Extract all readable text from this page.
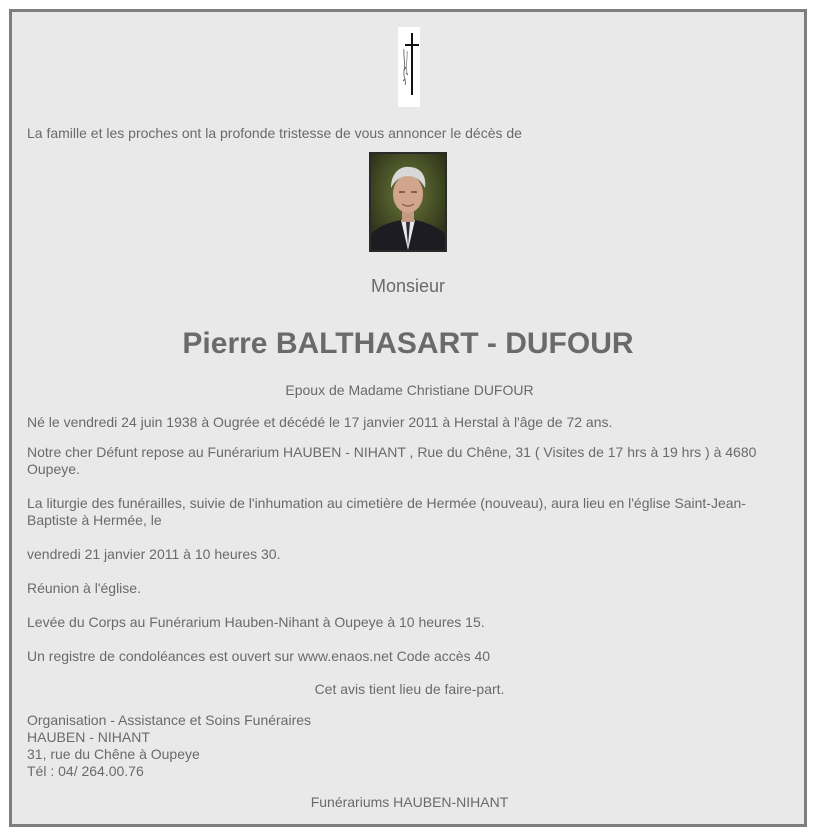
La famille et les proches ont la profonde tristesse de vous annoncer le décès de

Monsieur
Pierre BALTHASART - DUFOUR

Epoux de Madame Christiane DUFOUR

Né le vendredi 24 juin 1938 à Ougrée et décédé le 17 janvier 2011 à Herstal à l'âge de 72 ans.

Notre cher Défunt repose au Funérarium HAUBEN - NIHANT , Rue du Chêne, 31 ( Visites de 17 hrs à 19 hrs ) à 4680 Oupeye.

La liturgie des funérailles, suivie de l'inhumation au cimetière de Hermée (nouveau), aura lieu en l'église Saint-Jean-Baptiste à Hermée, le

vendredi 21 janvier 2011 à 10 heures 30.

Réunion à l'église.

Levée du Corps au Funérarium Hauben-Nihant à Oupeye à 10 heures 15.

Un registre de condoléances est ouvert sur www.enaos.net Code accès 40

Cet avis tient lieu de faire-part.

Organisation - Assistance et Soins Funéraires

HAUBEN - NIHANT

31, rue du Chêne à Oupeye

Tél : 04/ 264.00.76

Funérariums HAUBEN-NIHANT
